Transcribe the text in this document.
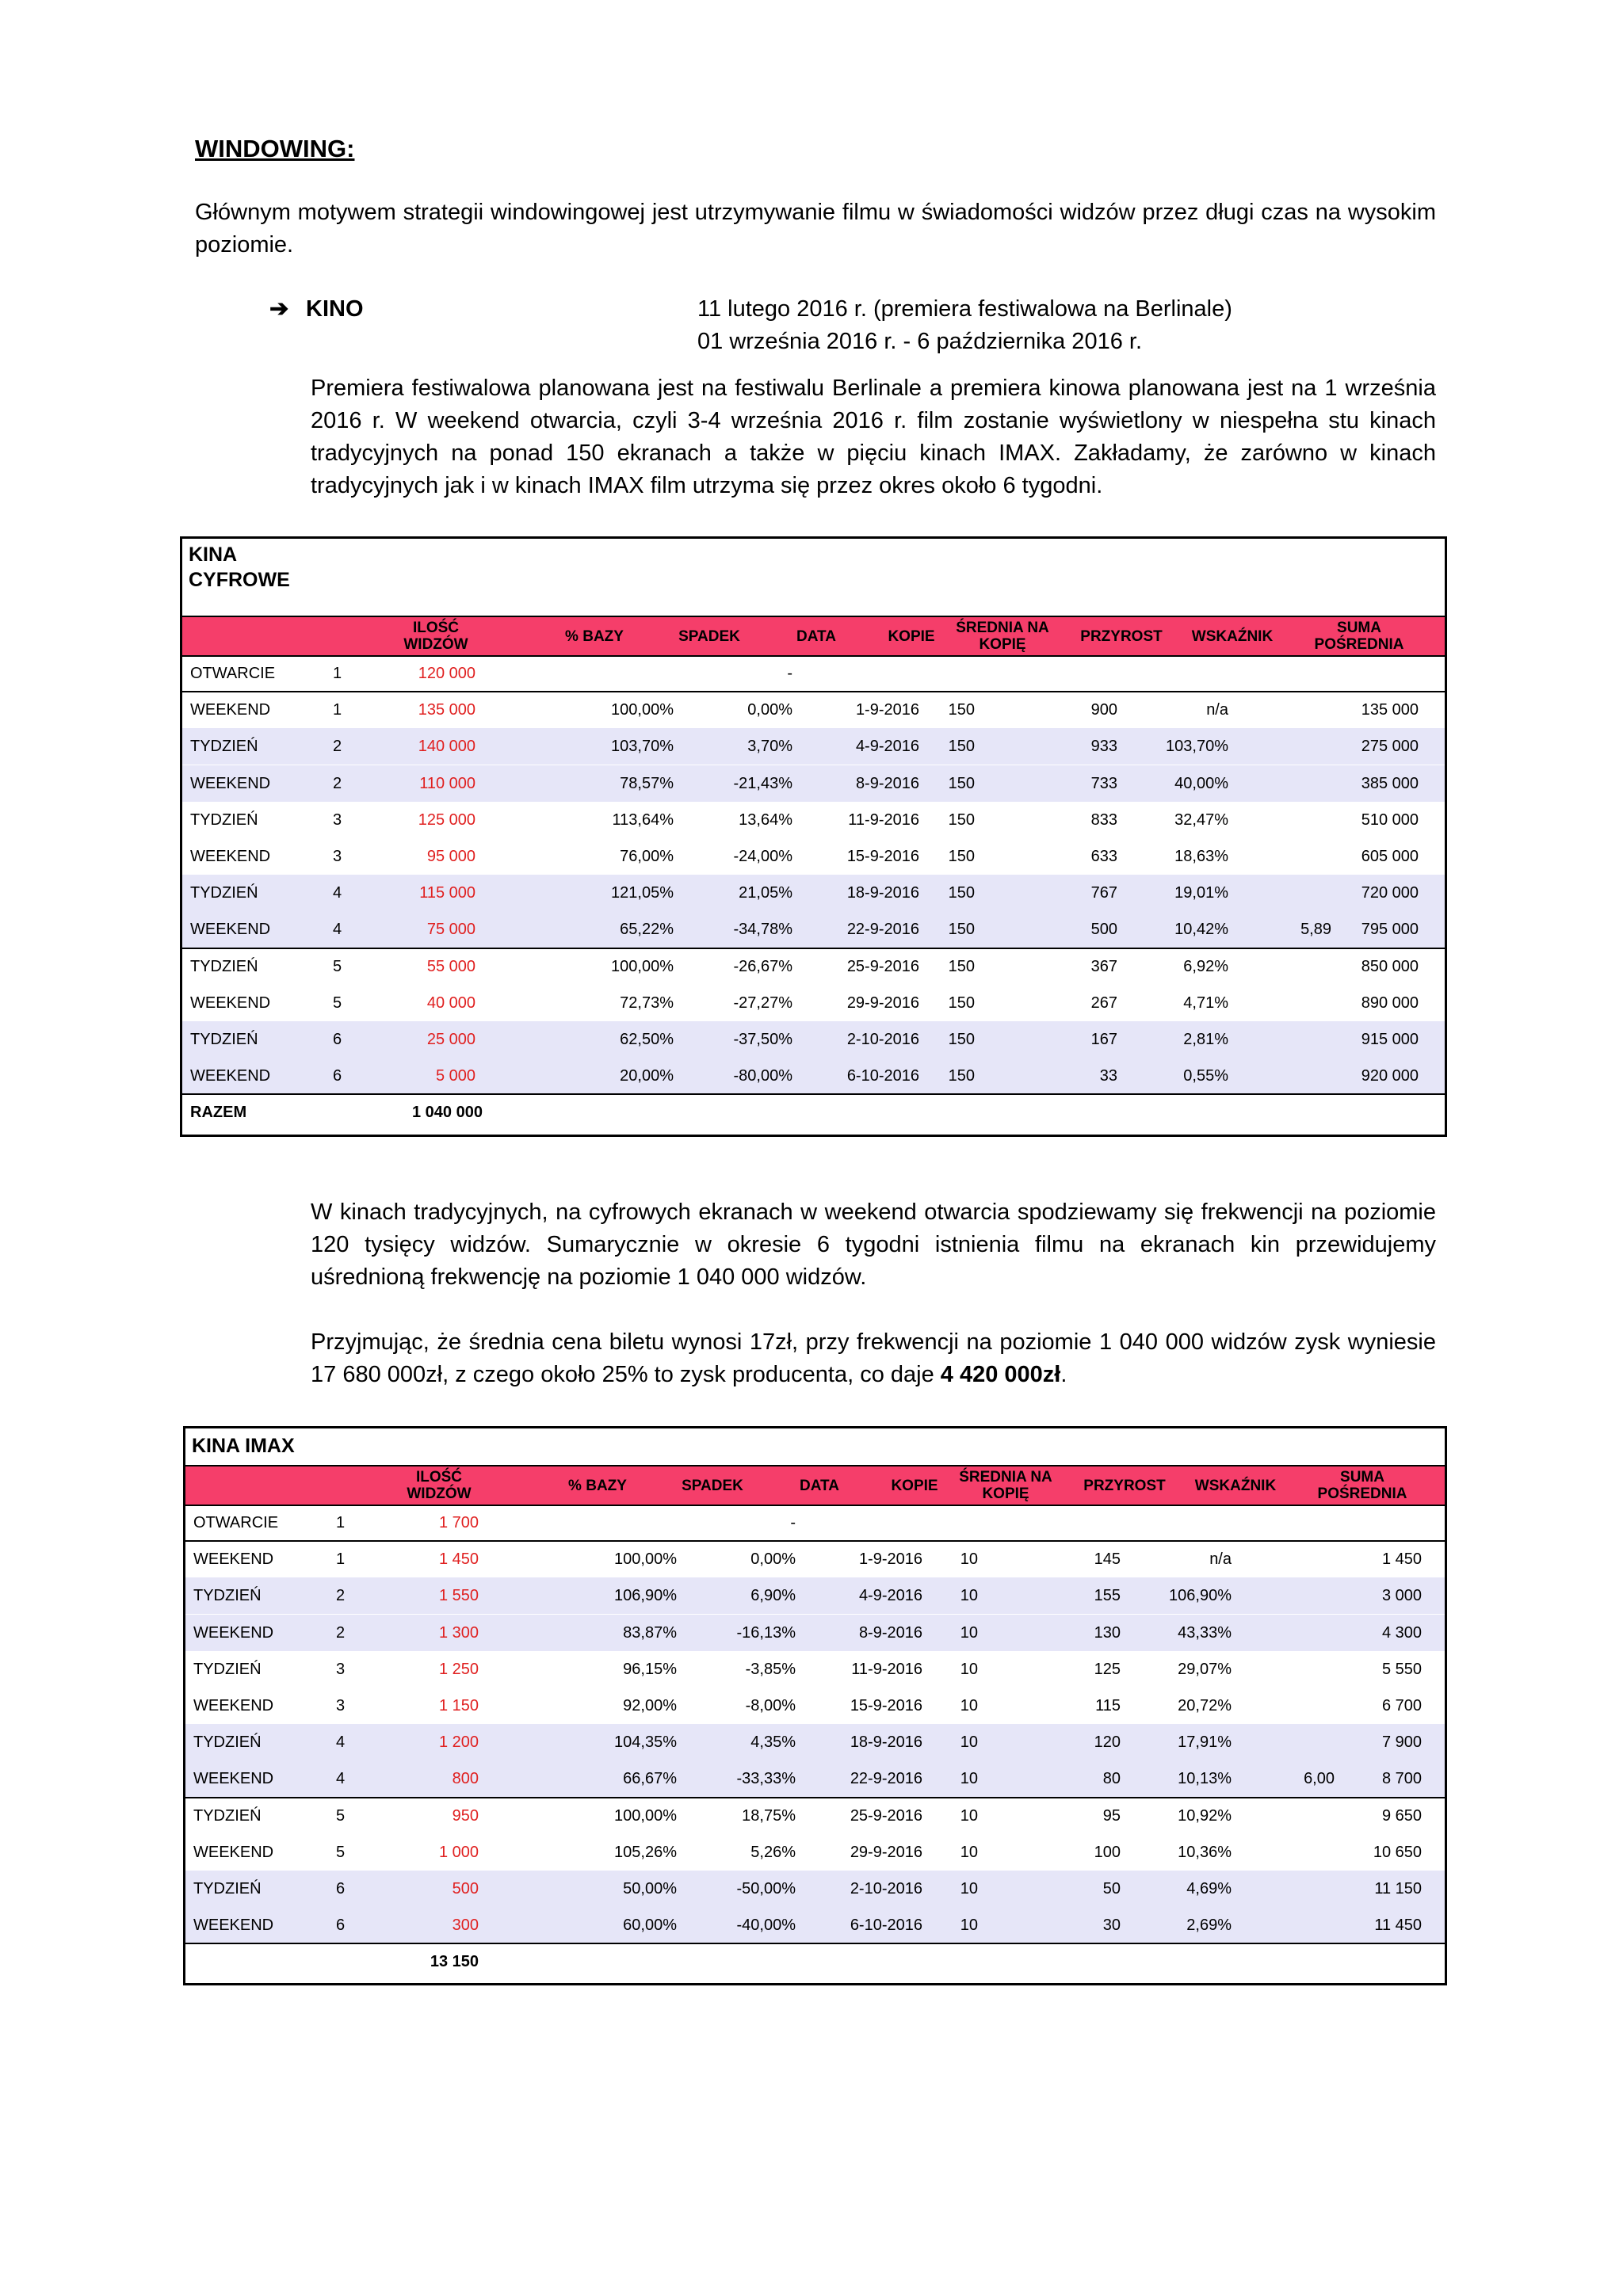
WINDOWING:

Głównym motywem strategii windowingowej jest utrzymywanie filmu w świadomości widzów przez długi czas na wysokim poziomie.

➔ KINO	11 lutego 2016 r. (premiera festiwalowa na Berlinale)
01 września 2016 r. - 6 października 2016 r.

Premiera festiwalowa planowana jest na festiwalu Berlinale a premiera kinowa planowana jest na 1 września 2016 r. W weekend otwarcia, czyli 3-4 września 2016 r. film zostanie wyświetlony w niespełna stu kinach tradycyjnych na ponad 150 ekranach a także w pięciu kinach IMAX. Zakładamy, że zarówno w kinach tradycyjnych jak i w kinach IMAX film utrzyma się przez okres około 6 tygodni.

KINA CYFROWE
ILOŚĆ WIDZÓW	% BAZY	SPADEK	DATA	KOPIE	ŚREDNIA NA KOPIĘ	PRZYROST	WSKAŹNIK	SUMA POŚREDNIA
OTWARCIE	1	120 000	-
WEEKEND	1	135 000	100,00%	0,00%	1-9-2016	150	900	n/a	135 000
TYDZIEŃ	2	140 000	103,70%	3,70%	4-9-2016	150	933	103,70%	275 000
WEEKEND	2	110 000	78,57%	-21,43%	8-9-2016	150	733	40,00%	385 000
TYDZIEŃ	3	125 000	113,64%	13,64%	11-9-2016	150	833	32,47%	510 000
WEEKEND	3	95 000	76,00%	-24,00%	15-9-2016	150	633	18,63%	605 000
TYDZIEŃ	4	115 000	121,05%	21,05%	18-9-2016	150	767	19,01%	720 000
WEEKEND	4	75 000	65,22%	-34,78%	22-9-2016	150	500	10,42%	5,89	795 000
TYDZIEŃ	5	55 000	100,00%	-26,67%	25-9-2016	150	367	6,92%	850 000
WEEKEND	5	40 000	72,73%	-27,27%	29-9-2016	150	267	4,71%	890 000
TYDZIEŃ	6	25 000	62,50%	-37,50%	2-10-2016	150	167	2,81%	915 000
WEEKEND	6	5 000	20,00%	-80,00%	6-10-2016	150	33	0,55%	920 000
RAZEM	1 040 000

W kinach tradycyjnych, na cyfrowych ekranach w weekend otwarcia spodziewamy się frekwencji na poziomie 120 tysięcy widzów. Sumarycznie w okresie 6 tygodni istnienia filmu na ekranach kin przewidujemy uśrednioną frekwencję na poziomie 1 040 000 widzów.

Przyjmując, że średnia cena biletu wynosi 17zł, przy frekwencji na poziomie 1 040 000 widzów zysk wyniesie 17 680 000zł, z czego około 25% to zysk producenta, co daje 4 420 000zł.

KINA IMAX
ILOŚĆ WIDZÓW	% BAZY	SPADEK	DATA	KOPIE	ŚREDNIA NA KOPIĘ	PRZYROST	WSKAŹNIK	SUMA POŚREDNIA
OTWARCIE	1	1 700	-
WEEKEND	1	1 450	100,00%	0,00%	1-9-2016	10	145	n/a	1 450
TYDZIEŃ	2	1 550	106,90%	6,90%	4-9-2016	10	155	106,90%	3 000
WEEKEND	2	1 300	83,87%	-16,13%	8-9-2016	10	130	43,33%	4 300
TYDZIEŃ	3	1 250	96,15%	-3,85%	11-9-2016	10	125	29,07%	5 550
WEEKEND	3	1 150	92,00%	-8,00%	15-9-2016	10	115	20,72%	6 700
TYDZIEŃ	4	1 200	104,35%	4,35%	18-9-2016	10	120	17,91%	7 900
WEEKEND	4	800	66,67%	-33,33%	22-9-2016	10	80	10,13%	6,00	8 700
TYDZIEŃ	5	950	100,00%	18,75%	25-9-2016	10	95	10,92%	9 650
WEEKEND	5	1 000	105,26%	5,26%	29-9-2016	10	100	10,36%	10 650
TYDZIEŃ	6	500	50,00%	-50,00%	2-10-2016	10	50	4,69%	11 150
WEEKEND	6	300	60,00%	-40,00%	6-10-2016	10	30	2,69%	11 450
13 150
